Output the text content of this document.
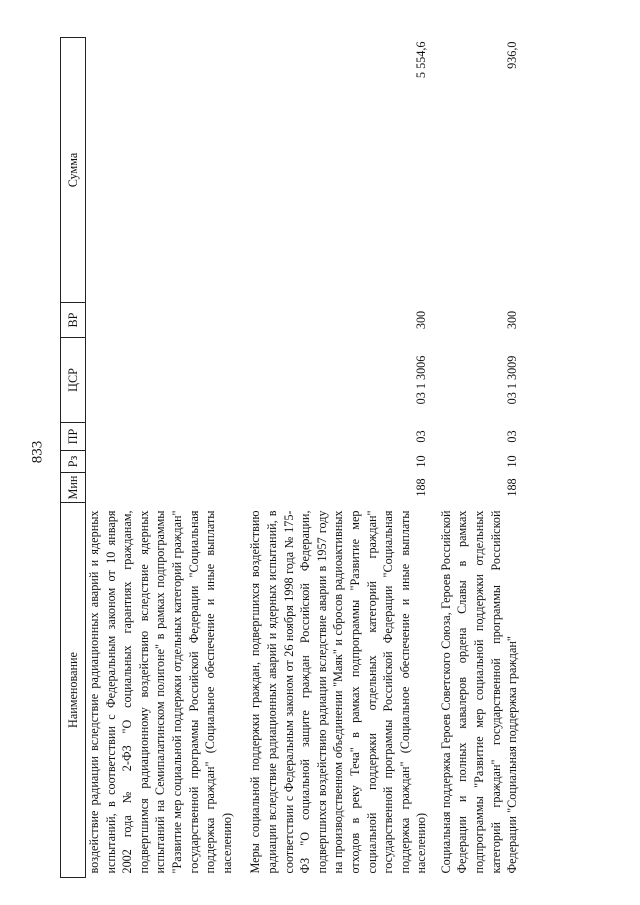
833
Наименование	Мин	Рз	ПР	ЦСР	ВР	Сумма
воздействие радиации вследствие радиационных аварий и ядерных испытаний, в соответствии с Федеральным законом от 10 января 2002 года № 2-ФЗ "О социальных гарантиях гражданам, подвергшимся радиационному воздействию вследствие ядерных испытаний на Семипалатинском полигоне" в рамках подпрограммы "Развитие мер социальной поддержки отдельных категорий граждан" государственной программы Российской Федерации "Социальная поддержка граждан" (Социальное обеспечение и иные выплаты населению)						
Меры социальной поддержки граждан, подвергшихся воздействию радиации вследствие радиационных аварий и ядерных испытаний, в соответствии с Федеральным законом от 26 ноября 1998 года № 175-ФЗ "О социальной защите граждан Российской Федерации, подвергшихся воздействию радиации вследствие аварии в 1957 году на производственном объединении "Маяк" и сбросов радиоактивных отходов в реку Теча" в рамках подпрограммы "Развитие мер социальной поддержки отдельных категорий граждан" государственной программы Российской Федерации "Социальная поддержка граждан" (Социальное обеспечение и иные выплаты населению)	188	10	03	03 1 3006	300	5 554,6
Социальная поддержка Героев Советского Союза, Героев Российской Федерации и полных кавалеров ордена Славы в рамках подпрограммы "Развитие мер социальной поддержки отдельных категорий граждан" государственной программы Российской Федерации "Социальная поддержка граждан"	188	10	03	03 1 3009	300	936,0
